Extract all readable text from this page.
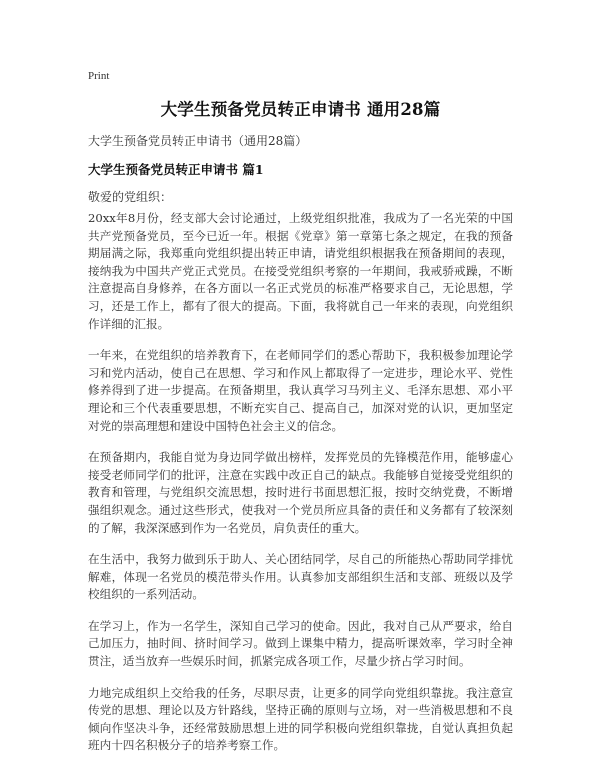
Print
大学生预备党员转正申请书 通用28篇
大学生预备党员转正申请书（通用28篇）
大学生预备党员转正申请书 篇1
敬爱的党组织：

20xx年8月份，经支部大会讨论通过，上级党组织批准，我成为了一名光荣的中国共产党预备党员，至今已近一年。根据《党章》第一章第七条之规定，在我的预备期届满之际，我郑重向党组织提出转正申请，请党组织根据我在预备期间的表现，接纳我为中国共产党正式党员。在接受党组织考察的一年期间，我戒骄戒躁，不断注意提高自身修养，在各方面以一名正式党员的标准严格要求自己，无论思想，学习，还是工作上，都有了很大的提高。下面，我将就自己一年来的表现，向党组织作详细的汇报。

一年来，在党组织的培养教育下，在老师同学们的悉心帮助下，我积极参加理论学习和党内活动，使自己在思想、学习和作风上都取得了一定进步，理论水平、党性修养得到了进一步提高。在预备期里，我认真学习马列主义、毛泽东思想、邓小平理论和三个代表重要思想，不断充实自己、提高自己，加深对党的认识，更加坚定对党的崇高理想和建设中国特色社会主义的信念。

在预备期内，我能自觉为身边同学做出榜样，发挥党员的先锋模范作用，能够虚心接受老师同学们的批评，注意在实践中改正自己的缺点。我能够自觉接受党组织的教育和管理，与党组织交流思想，按时进行书面思想汇报，按时交纳党费，不断增强组织观念。通过这些形式，使我对一个党员所应具备的责任和义务都有了较深刻的了解，我深深感到作为一名党员，肩负责任的重大。

在生活中，我努力做到乐于助人、关心团结同学，尽自己的所能热心帮助同学排忧解难，体现一名党员的模范带头作用。认真参加支部组织生活和支部、班级以及学校组织的一系列活动。

在学习上，作为一名学生，深知自己学习的使命。因此，我对自己从严要求，给自己加压力，抽时间、挤时间学习。做到上课集中精力，提高听课效率，学习时全神贯注，适当放弃一些娱乐时间，抓紧完成各项工作，尽量少挤占学习时间。

力地完成组织上交给我的任务，尽职尽责，让更多的同学向党组织靠拢。我注意宣传党的思想、理论以及方针路线，坚持正确的原则与立场，对一些消极思想和不良倾向作坚决斗争，还经常鼓励思想上进的同学积极向党组织靠拢，自觉认真担负起班内十四名积极分子的培养考察工作。
